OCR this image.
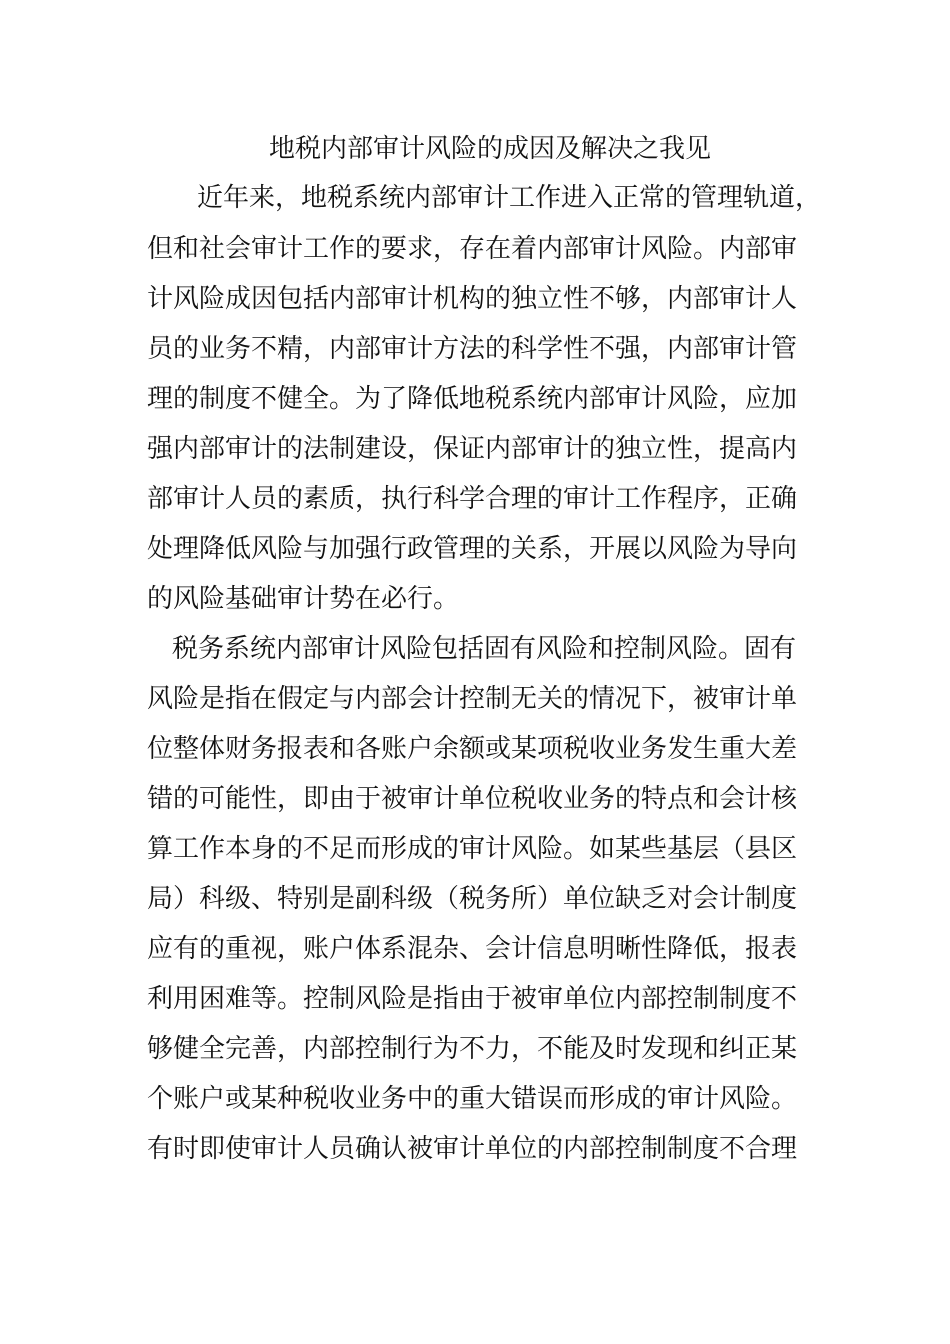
地税内部审计风险的成因及解决之我见
近年来，地税系统内部审计工作进入正常的管理轨道，
但和社会审计工作的要求，存在着内部审计风险。内部审
计风险成因包括内部审计机构的独立性不够，内部审计人
员的业务不精，内部审计方法的科学性不强，内部审计管
理的制度不健全。为了降低地税系统内部审计风险，应加
强内部审计的法制建设，保证内部审计的独立性，提高内
部审计人员的素质，执行科学合理的审计工作程序，正确
处理降低风险与加强行政管理的关系，开展以风险为导向
的风险基础审计势在必行。
税务系统内部审计风险包括固有风险和控制风险。固有
风险是指在假定与内部会计控制无关的情况下，被审计单
位整体财务报表和各账户余额或某项税收业务发生重大差
错的可能性，即由于被审计单位税收业务的特点和会计核
算工作本身的不足而形成的审计风险。如某些基层（县区
局）科级、特别是副科级（税务所）单位缺乏对会计制度
应有的重视，账户体系混杂、会计信息明晰性降低，报表
利用困难等。控制风险是指由于被审单位内部控制制度不
够健全完善，内部控制行为不力，不能及时发现和纠正某
个账户或某种税收业务中的重大错误而形成的审计风险。
有时即使审计人员确认被审计单位的内部控制制度不合理
